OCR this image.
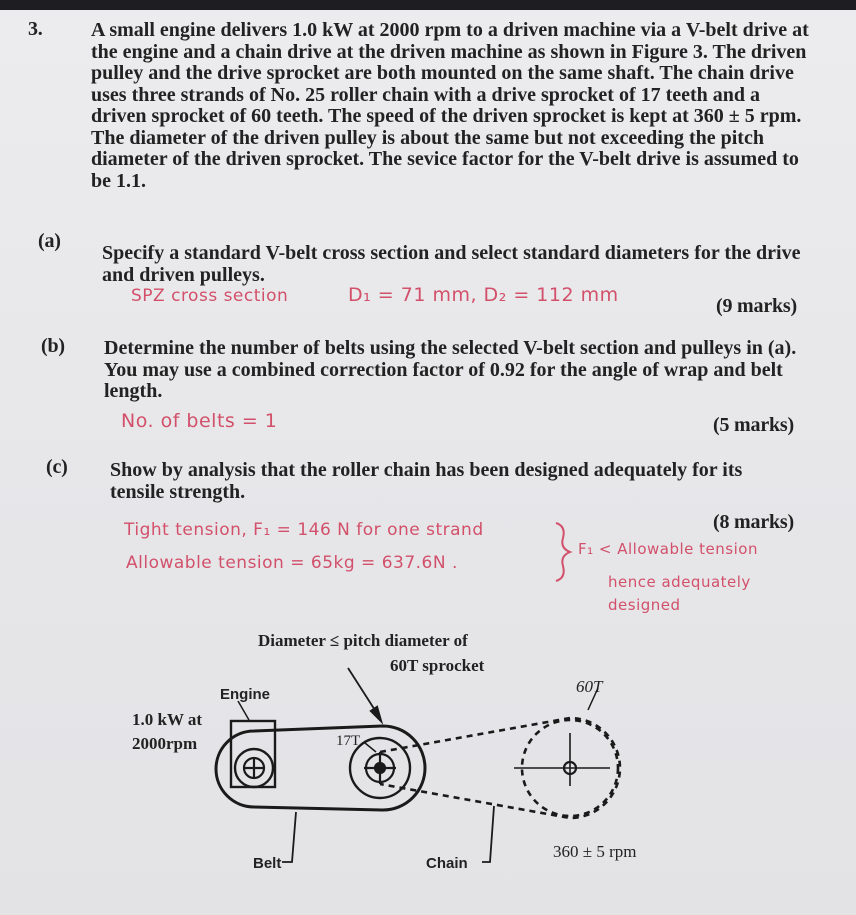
3. A small engine delivers 1.0 kW at 2000 rpm to a driven machine via a V-belt drive at the engine and a chain drive at the driven machine as shown in Figure 3. The driven pulley and the drive sprocket are both mounted on the same shaft. The chain drive uses three strands of No. 25 roller chain with a drive sprocket of 17 teeth and a driven sprocket of 60 teeth. The speed of the driven sprocket is kept at 360 ± 5 rpm. The diameter of the driven pulley is about the same but not exceeding the pitch diameter of the driven sprocket. The sevice factor for the V-belt drive is assumed to be 1.1.
(a)
Specify a standard V-belt cross section and select standard diameters for the drive and driven pulleys.
SPZ cross section	D₁ = 71 mm, D₂ = 112 mm	(9 marks)
(b) Determine the number of belts using the selected V-belt section and pulleys in (a). You may use a combined correction factor of 0.92 for the angle of wrap and belt length.
No. of belts = 1	(5 marks)
(c) Show by analysis that the roller chain has been designed adequately for its tensile strength.
(8 marks)
Tight tension, F₁ = 146 N for one strand
Allowable tension = 65kg = 637.6N .
F₁ < Allowable tension
hence adequately
designed
Diameter ≤ pitch diameter of
60T sprocket
Engine
1.0 kW at
2000rpm	17T
60T
360 ± 5 rpm
Belt	Chain
